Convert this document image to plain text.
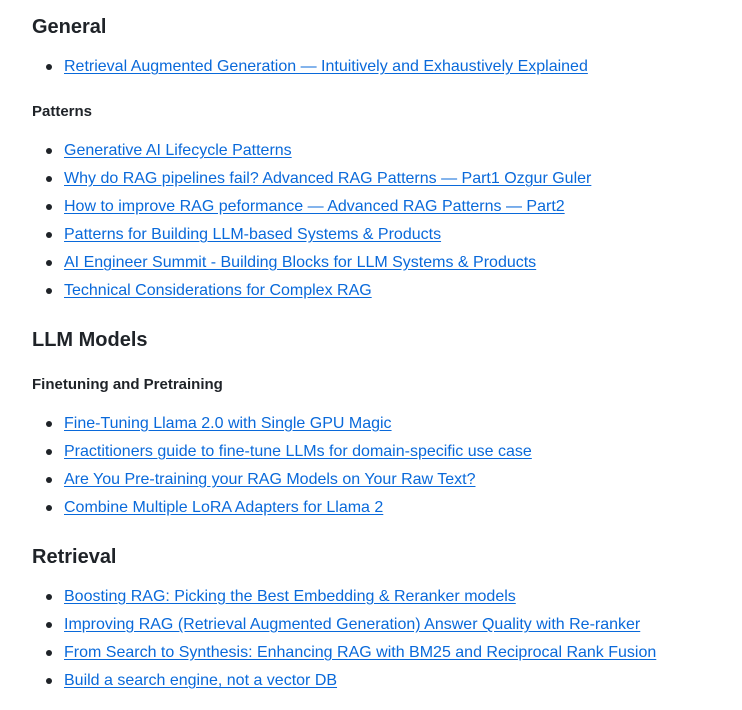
General
Retrieval Augmented Generation — Intuitively and Exhaustively Explained
Patterns
Generative AI Lifecycle Patterns
Why do RAG pipelines fail? Advanced RAG Patterns — Part1 Ozgur Guler
How to improve RAG peformance — Advanced RAG Patterns — Part2
Patterns for Building LLM-based Systems & Products
AI Engineer Summit - Building Blocks for LLM Systems & Products
Technical Considerations for Complex RAG
LLM Models
Finetuning and Pretraining
Fine-Tuning Llama 2.0 with Single GPU Magic
Practitioners guide to fine-tune LLMs for domain-specific use case
Are You Pre-training your RAG Models on Your Raw Text?
Combine Multiple LoRA Adapters for Llama 2
Retrieval
Boosting RAG: Picking the Best Embedding & Reranker models
Improving RAG (Retrieval Augmented Generation) Answer Quality with Re-ranker
From Search to Synthesis: Enhancing RAG with BM25 and Reciprocal Rank Fusion
Build a search engine, not a vector DB
